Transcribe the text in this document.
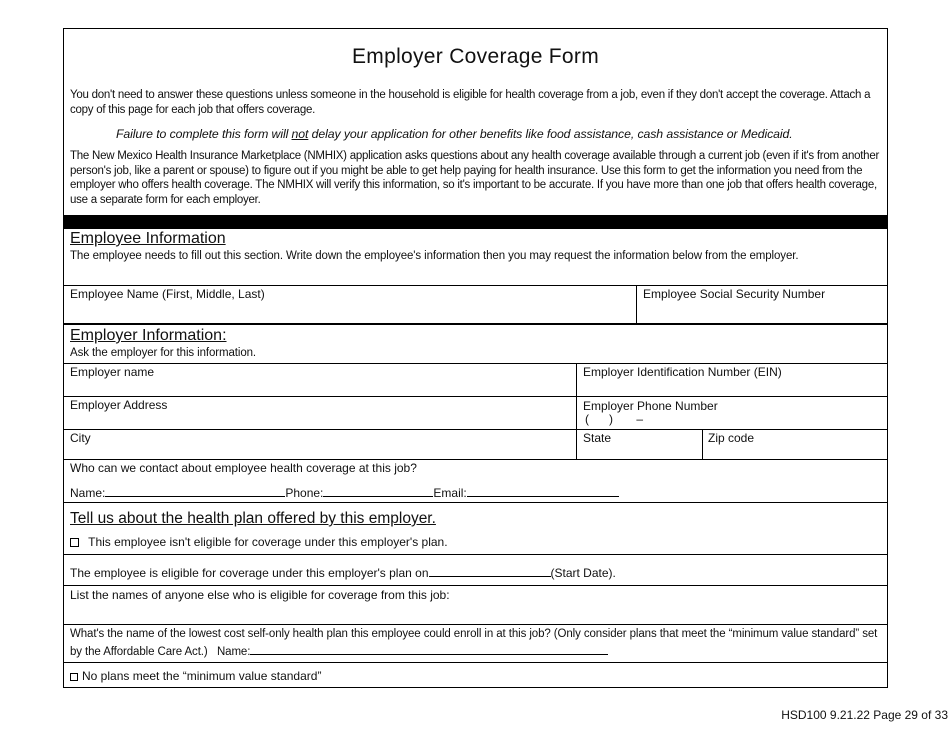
Employer Coverage Form
You don't need to answer these questions unless someone in the household is eligible for health coverage from a job, even if they don't accept the coverage. Attach a copy of this page for each job that offers coverage.
Failure to complete this form will not delay your application for other benefits like food assistance, cash assistance or Medicaid.
The New Mexico Health Insurance Marketplace (NMHIX) application asks questions about any health coverage available through a current job (even if it's from another person's job, like a parent or spouse) to figure out if you might be able to get help paying for health insurance. Use this form to get the information you need from the employer who offers health coverage. The NMHIX will verify this information, so it's important to be accurate. If you have more than one job that offers health coverage, use a separate form for each employer.
Employee Information
The employee needs to fill out this section. Write down the employee's information then you may request the information below from the employer.
Employee Name (First, Middle, Last)	Employee Social Security Number
Employer Information:
Ask the employer for this information.
Employer name	Employer Identification Number (EIN)
Employer Address	Employer Phone Number
(      )       –
City	State	Zip code
Who can we contact about employee health coverage at this job?
Name:	Phone:	Email:
Tell us about the health plan offered by this employer.
This employee isn't eligible for coverage under this employer's plan.
The employee is eligible for coverage under this employer's plan on	(Start Date).
List the names of anyone else who is eligible for coverage from this job:
What's the name of the lowest cost self-only health plan this employee could enroll in at this job? (Only consider plans that meet the “minimum value standard” set by the Affordable Care Act.) Name:
No plans meet the “minimum value standard”
HSD100 9.21.22 Page 29 of 33
